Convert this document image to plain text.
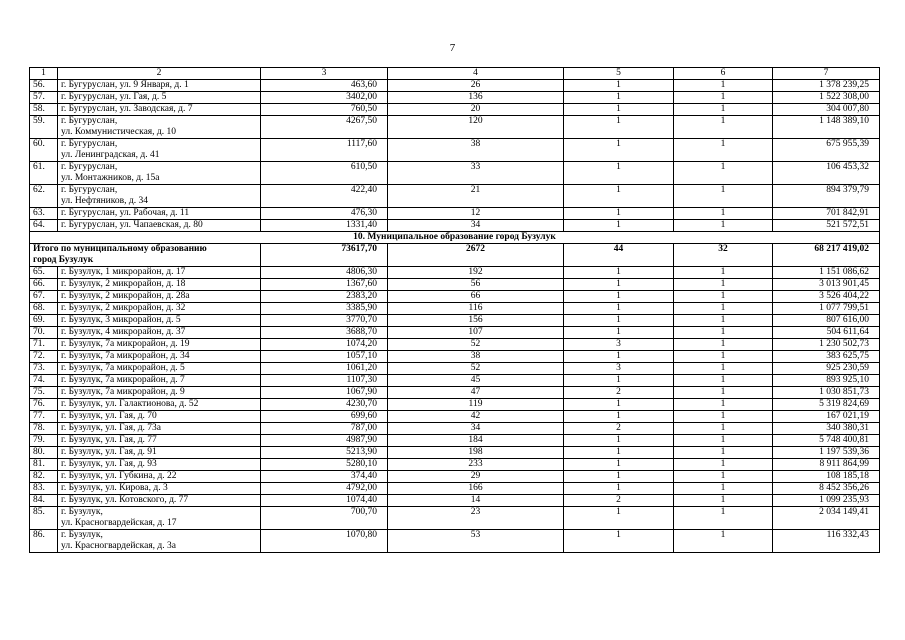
7
1	2	3	4	5	6	7
56.	г. Бугуруслан, ул. 9 Января, д. 1	463,60	26	1	1	1 378 239,25
57.	г. Бугуруслан, ул. Гая, д. 5	3402,00	136	1	1	1 522 308,00
58.	г. Бугуруслан, ул. Заводская, д. 7	760,50	20	1	1	304 007,80
59.	г. Бугуруслан,
ул. Коммунистическая, д. 10	4267,50	120	1	1	1 148 389,10
60.	г. Бугуруслан,
ул. Ленинградская, д. 41	1117,60	38	1	1	675 955,39
61.	г. Бугуруслан,
ул. Монтажников, д. 15а	610,50	33	1	1	106 453,32
62.	г. Бугуруслан,
ул. Нефтяников, д. 34	422,40	21	1	1	894 379,79
63.	г. Бугуруслан, ул. Рабочая, д. 11	476,30	12	1	1	701 842,91
64.	г. Бугуруслан, ул. Чапаевская, д. 80	1331,40	34	1	1	521 572,51
10. Муниципальное образование город Бузулук						
Итого по муниципальному образованию
город Бузулук		73617,70	2672	44	32	68 217 419,02
65.	г. Бузулук, 1 микрорайон, д. 17	4806,30	192	1	1	1 151 086,62
66.	г. Бузулук, 2 микрорайон, д. 18	1367,60	56	1	1	3 013 901,45
67.	г. Бузулук, 2 микрорайон, д. 28а	2383,20	66	1	1	3 526 404,22
68.	г. Бузулук, 2 микрорайон, д. 32	3385,90	116	1	1	1 077 799,51
69.	г. Бузулук, 3 микрорайон, д. 5	3770,70	156	1	1	807 616,00
70.	г. Бузулук, 4 микрорайон, д. 37	3688,70	107	1	1	504 611,64
71.	г. Бузулук, 7а микрорайон, д. 19	1074,20	52	3	1	1 230 502,73
72.	г. Бузулук, 7а микрорайон, д. 34	1057,10	38	1	1	383 625,75
73.	г. Бузулук, 7а микрорайон, д. 5	1061,20	52	3	1	925 230,59
74.	г. Бузулук, 7а микрорайон, д. 7	1107,30	45	1	1	893 925,10
75.	г. Бузулук, 7а микрорайон, д. 9	1067,90	47	2	1	1 030 851,73
76.	г. Бузулук, ул. Галактионова, д. 52	4230,70	119	1	1	5 319 824,69
77.	г. Бузулук, ул. Гая, д. 70	699,60	42	1	1	167 021,19
78.	г. Бузулук, ул. Гая, д. 73а	787,00	34	2	1	340 380,31
79.	г. Бузулук, ул. Гая, д. 77	4987,90	184	1	1	5 748 400,81
80.	г. Бузулук, ул. Гая, д. 91	5213,90	198	1	1	1 197 539,36
81.	г. Бузулук, ул. Гая, д. 93	5280,10	233	1	1	8 911 864,99
82.	г. Бузулук, ул. Губкина, д. 22	374,40	29	1	1	108 185,18
83.	г. Бузулук, ул. Кирова, д. 3	4792,00	166	1	1	8 452 356,26
84.	г. Бузулук, ул. Котовского, д. 77	1074,40	14	2	1	1 099 235,93
85.	г. Бузулук,
ул. Красногвардейская, д. 17	700,70	23	1	1	2 034 149,41
86.	г. Бузулук,
ул. Красногвардейская, д. 3а	1070,80	53	1	1	116 332,43
